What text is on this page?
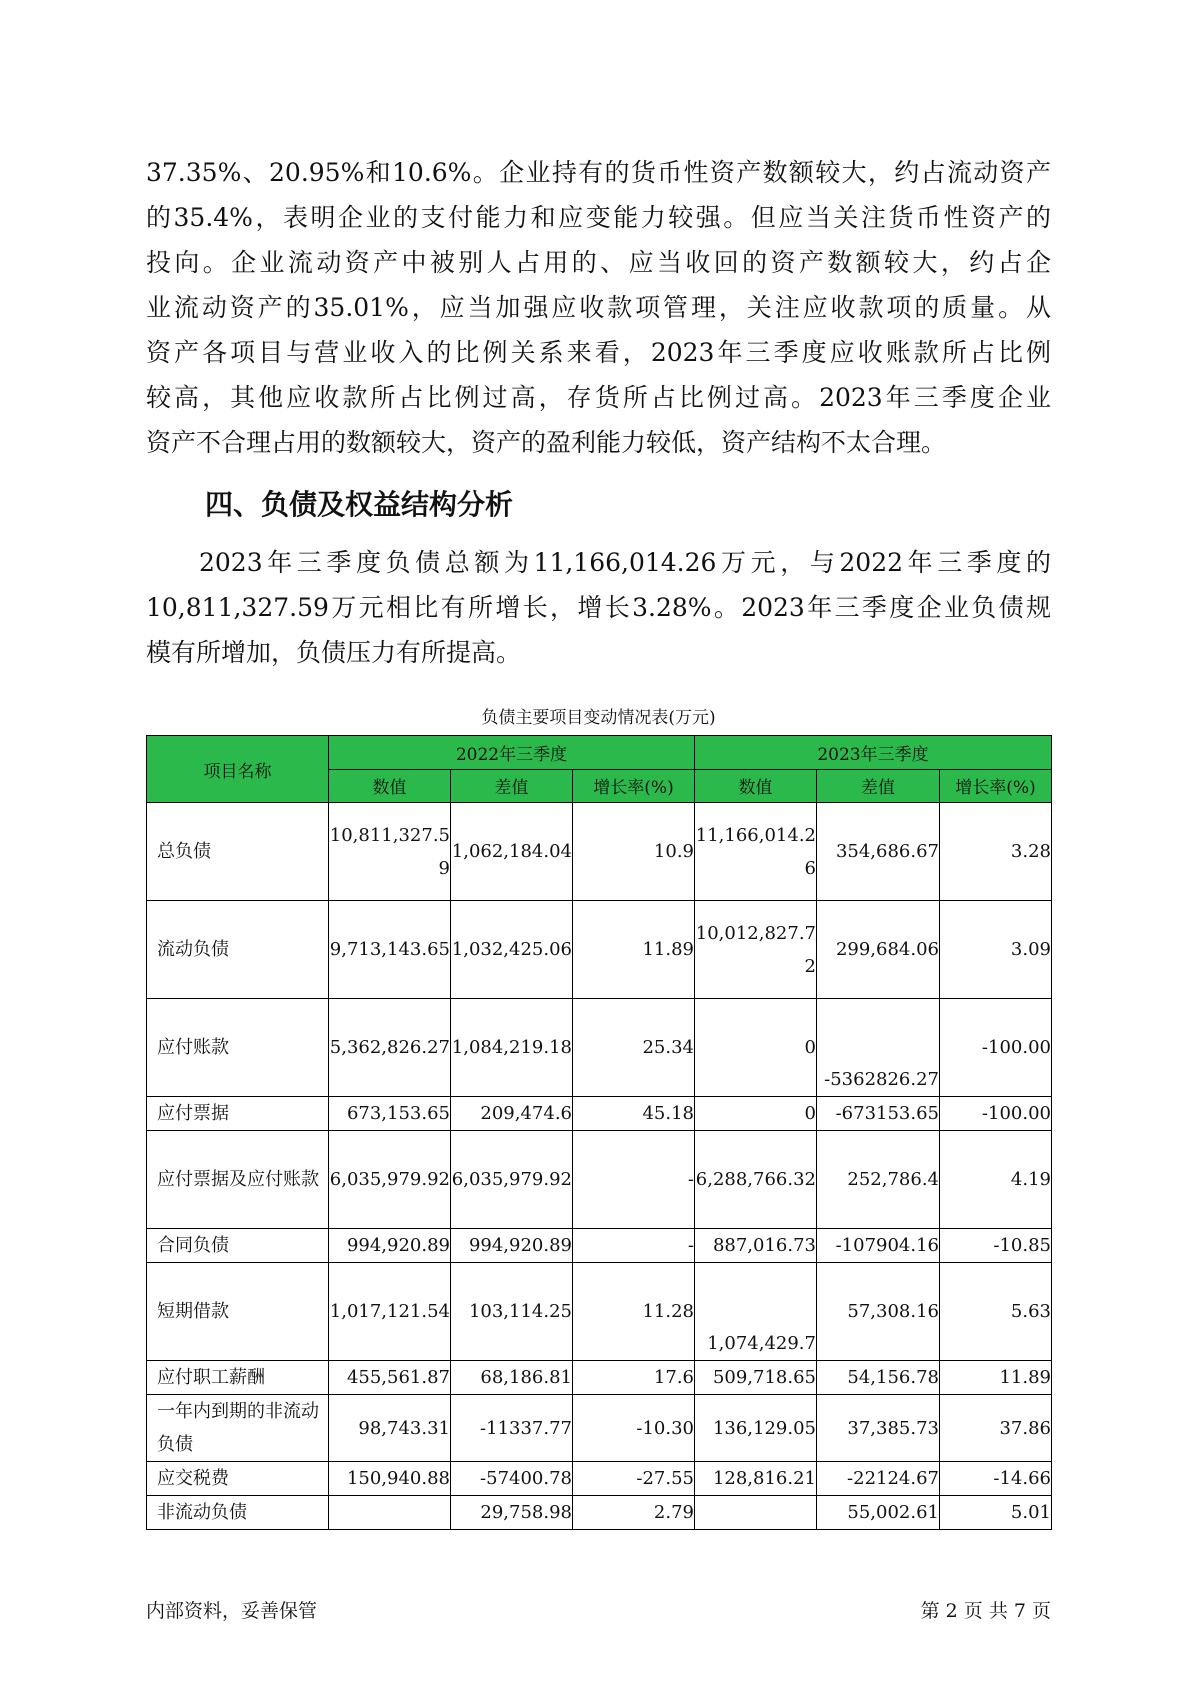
37.35%、20.95%和10.6%。企业持有的货币性资产数额较大，约占流动资产
的35.4%，表明企业的支付能力和应变能力较强。但应当关注货币性资产的
投向。企业流动资产中被别人占用的、应当收回的资产数额较大，约占企
业流动资产的35.01%，应当加强应收款项管理，关注应收款项的质量。从
资产各项目与营业收入的比例关系来看，2023年三季度应收账款所占比例
较高，其他应收款所占比例过高，存货所占比例过高。2023年三季度企业
资产不合理占用的数额较大，资产的盈利能力较低，资产结构不太合理。

四、负债及权益结构分析

2023年三季度负债总额为11,166,014.26万元，与2022年三季度的
10,811,327.59万元相比有所增长，增长3.28%。2023年三季度企业负债规
模有所增加，负债压力有所提高。

负债主要项目变动情况表(万元)
项目名称	2022年三季度			2023年三季度		
	数值	差值	增长率(%)	数值	差值	增长率(%)
总负债	10,811,327.59	1,062,184.04	10.9	11,166,014.26	354,686.67	3.28
流动负债	9,713,143.65	1,032,425.06	11.89	10,012,827.72	299,684.06	3.09
应付账款	5,362,826.27	1,084,219.18	25.34	0	-5362826.27	-100.00
应付票据	673,153.65	209,474.6	45.18	0	-673153.65	-100.00
应付票据及应付账款	6,035,979.92	6,035,979.92	-	6,288,766.32	252,786.4	4.19
合同负债	994,920.89	994,920.89	-	887,016.73	-107904.16	-10.85
短期借款	1,017,121.54	103,114.25	11.28	1,074,429.7	57,308.16	5.63
应付职工薪酬	455,561.87	68,186.81	17.6	509,718.65	54,156.78	11.89
一年内到期的非流动负债	98,743.31	-11337.77	-10.30	136,129.05	37,385.73	37.86
应交税费	150,940.88	-57400.78	-27.55	128,816.21	-22124.67	-14.66
非流动负债		29,758.98	2.79		55,002.61	5.01
内部资料，妥善保管	第 2 页 共 7 页
